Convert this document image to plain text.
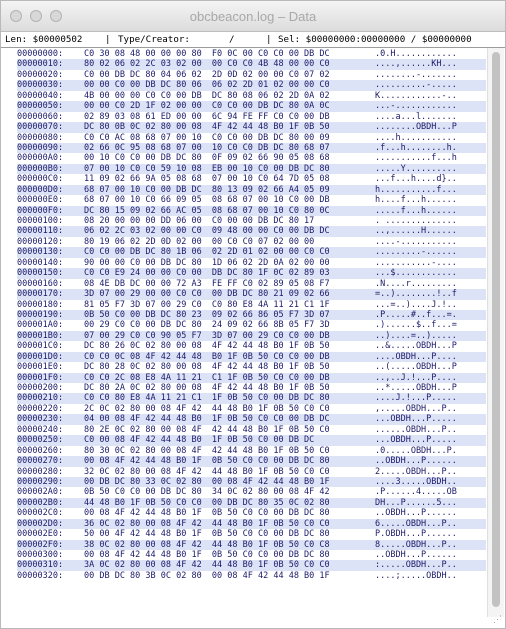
obcbeacon.log – Data

Len: $00000502

|

Type/Creator:

	/

	|

Sel: $00000000:00000000 / $00000000

00000000:	C0 30 08 48 00 00 00 80  F0 0C 00 C0 C0 00 DB DC	.0.H............
00000010:	80 02 06 02 2C 03 02 00  00 C0 C0 4B 48 00 00 C0	....,......KH...
00000020:	C0 00 DB DC 80 04 06 02  2D 0D 02 00 00 C0 07 02	........-.......
00000030:	00 00 C0 00 DB DC 80 06  06 02 2D 01 02 00 00 C0	..........-.....
00000040:	4B 00 00 00 C0 C0 00 DB  DC 80 08 06 02 2D 0A 02	K............-..
00000050:	00 00 C0 2D 1F 02 00 00  C0 C0 00 DB DC 80 0A 0C	...-............
00000060:	02 89 03 08 61 ED 00 00  6C 94 FE FF C0 C0 00 DB	....a...l.......
00000070:	DC 80 0B 0C 02 80 00 08  4F 42 44 48 B0 1F 0B 50	........OBDH...P
00000080:	C0 C0 AC 08 68 07 00 10  C0 C0 00 DB DC 80 00 09	....h...........
00000090:	02 66 0C 95 08 68 07 00  10 C0 C0 DB DC 80 68 07	.f...h........h.
000000A0:	00 10 C0 C0 00 DB DC 80  0F 09 02 66 90 05 08 68	...........f...h
000000B0:	07 00 10 C0 C0 59 10 08  EB 00 10 C0 00 DB DC 80	.....Y..........
000000C0:	11 09 02 66 9A 05 08 68  07 00 10 C0 64 7D 05 08	...f...h....d}..
000000D0:	68 07 00 10 C0 00 DB DC  80 13 09 02 66 A4 05 09	h...........f...
000000E0:	68 07 00 10 C0 66 09 05  08 68 07 00 10 C0 00 DB	h....f...h......
000000F0:	DC 80 15 09 02 66 AC 05  08 68 07 00 10 C0 80 0C	.....f...h......
00000100:	08 20 00 00 00 DD 06 00  C0 00 00 DB DC 80 17	. ..............
00000110:	06 02 2C 03 02 00 00 C0  09 48 00 00 C0 00 DB DC	..,......H......
00000120:	80 19 06 02 2D 0D 02 00  00 C0 C0 07 02 00 00	....-...........
00000130:	C0 C0 00 DB DC 80 1B 06  02 2D 01 02 00 00 C0 C0	.........-......
00000140:	90 00 00 C0 00 DB DC 80  1D 06 02 2D 0A 02 00 00	...........-....
00000150:	C0 C0 E9 24 00 00 C0 00  DB DC 80 1F 0C 02 89 03	...$............
00000160:	08 4E DB DC 00 00 72 A3  FE FF C0 02 89 05 08 F7	.N....r.........
00000170:	3D 07 00 29 00 00 C0 C0  00 DB DC 80 21 09 02 66	=..)........!..f
00000180:	81 05 F7 3D 07 00 29 C0  C0 80 E8 4A 11 21 C1 1F	...=..)....J.!..
00000190:	0B 50 C0 00 DB DC 80 23  09 02 66 86 05 F7 3D 07	.P.....#..f...=.
000001A0:	00 29 C0 C0 00 DB DC 80  24 09 02 66 8B 05 F7 3D	.)......$..f...=
000001B0:	07 00 29 C0 C0 90 05 F7  3D 07 00 29 C0 C0 00 DB	..)....=..).....
000001C0:	DC 80 26 0C 02 80 00 08  4F 42 44 48 B0 1F 0B 50	..&.....OBDH...P
000001D0:	C0 C0 0C 08 4F 42 44 48  B0 1F 0B 50 C0 C0 00 DB	....OBDH...P....
000001E0:	DC 80 28 0C 02 80 00 08  4F 42 44 48 B0 1F 0B 50	..(.....OBDH...P
000001F0:	C0 C0 2C 08 E8 4A 11 21  C1 1F 0B 50 C0 C0 00 DB	..,..J.!...P....
00000200:	DC 80 2A 0C 02 80 00 08  4F 42 44 48 B0 1F 0B 50	..*.....OBDH...P
00000210:	C0 C0 80 E8 4A 11 21 C1  1F 0B 50 C0 00 DB DC 80	....J.!...P.....
00000220:	2C 0C 02 80 00 08 4F 42  44 48 B0 1F 0B 50 C0 C0	,.....OBDH...P..
00000230:	04 00 08 4F 42 44 48 B0  1F 0B 50 C0 C0 00 DB DC	...OBDH...P.....
00000240:	80 2E 0C 02 80 00 08 4F  42 44 48 B0 1F 0B 50 C0	......OBDH...P..
00000250:	C0 00 08 4F 42 44 48 B0  1F 0B 50 C0 00 DB DC	...OBDH...P.....
00000260:	80 30 0C 02 80 00 08 4F  42 44 48 B0 1F 0B 50 C0	.0.....OBDH...P.
00000270:	00 08 4F 42 44 48 B0 1F  0B 50 C0 C0 00 DB DC 80	..OBDH...P......
00000280:	32 0C 02 80 00 08 4F 42  44 48 B0 1F 0B 50 C0 C0	2.....OBDH...P..
00000290:	00 DB DC 80 33 0C 02 80  00 08 4F 42 44 48 B0 1F	....3.....OBDH..
000002A0:	0B 50 C0 C0 00 DB DC 80  34 0C 02 80 00 08 4F 42	.P......4.....OB
000002B0:	44 48 B0 1F 0B 50 C0 C0  00 DB DC 80 35 0C 02 80	DH...P......5...
000002C0:	00 08 4F 42 44 48 B0 1F  0B 50 C0 C0 00 DB DC 80	..OBDH...P......
000002D0:	36 0C 02 80 00 08 4F 42  44 48 B0 1F 0B 50 C0 C0	6.....OBDH...P..
000002E0:	50 00 4F 42 44 48 B0 1F  0B 50 C0 C0 00 DB DC 80	P.OBDH...P......
000002F0:	38 0C 02 80 00 08 4F 42  44 48 B0 1F 0B 50 C0 C8	8.....OBDH...P..
00000300:	00 08 4F 42 44 48 B0 1F  0B 50 C0 C0 00 DB DC 80	..OBDH...P......
00000310:	3A 0C 02 80 00 08 4F 42  44 48 B0 1F 0B 50 C0 C0	:.....OBDH...P..
00000320:	00 DB DC 80 3B 0C 02 80  00 08 4F 42 44 48 B0 1F	....;.....OBDH..
⋰
